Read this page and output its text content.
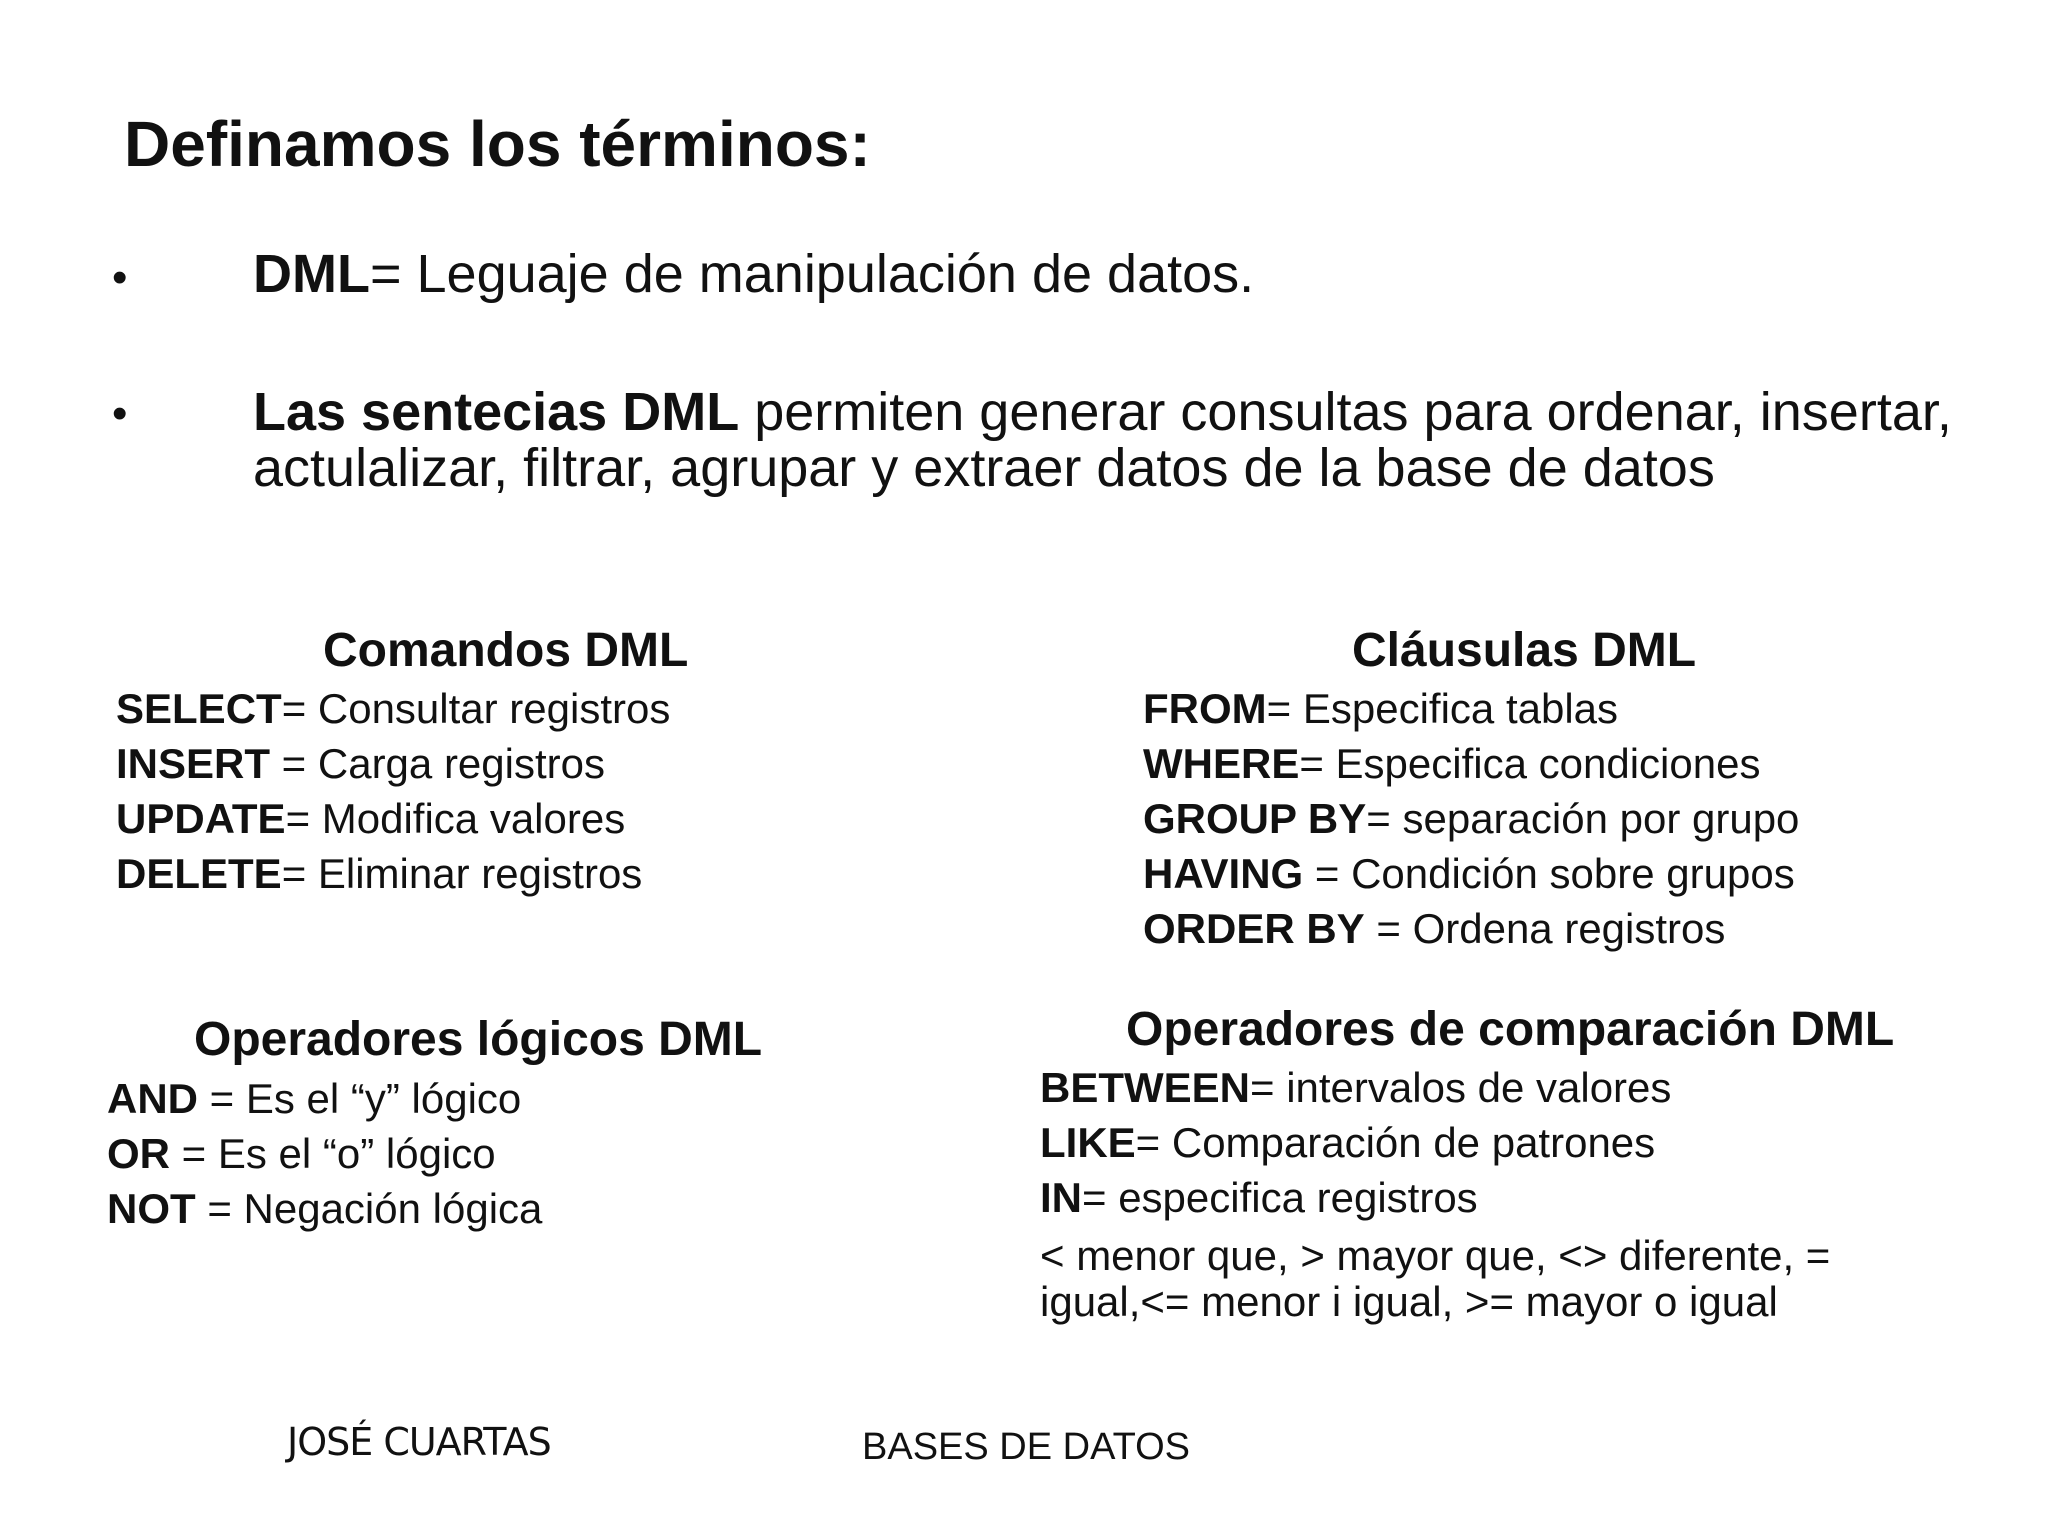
Definamos los términos:
• DML= Leguaje de manipulación de datos.
• Las sentecias DML permiten generar consultas para ordenar, insertar, actulalizar, filtrar, agrupar y extraer datos de la base de datos
Comandos DML
SELECT= Consultar registros
INSERT = Carga registros
UPDATE= Modifica valores
DELETE= Eliminar registros
Cláusulas DML
FROM= Especifica tablas
WHERE= Especifica condiciones
GROUP BY= separación por grupo
HAVING = Condición sobre grupos
ORDER BY = Ordena registros
Operadores lógicos DML
AND = Es el “y” lógico
OR = Es el “o” lógico
NOT = Negación lógica
Operadores de comparación DML
BETWEEN= intervalos de valores
LIKE= Comparación de patrones
IN= especifica registros
< menor que, > mayor que, <> diferente, = igual,<= menor i igual, >= mayor o igual
JOSÉ CUARTAS	BASES DE DATOS
